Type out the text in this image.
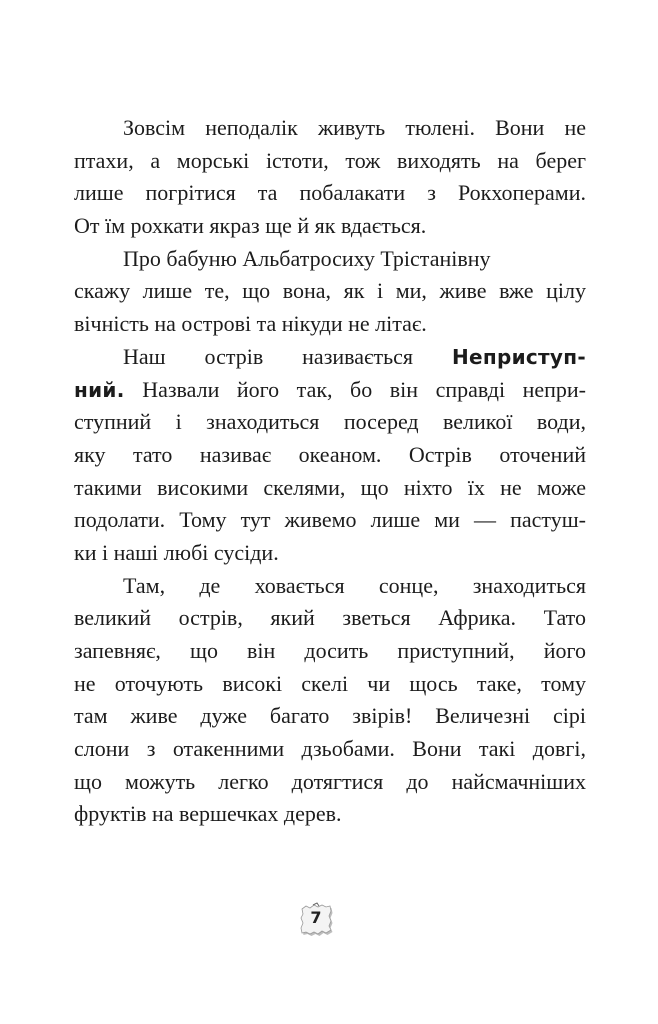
Зовсім неподалік живуть тюлені. Вони не
птахи, а морські істоти, тож виходять на берег
лише погрітися та побалакати з Рокхоперами.
От їм рохкати якраз ще й як вдається.
Про бабуню Альбатросиху Трістанівну
скажу лише те, що вона, як і ми, живе вже цілу
вічність на острові та нікуди не літає.
Наш острів називається Неприступ-
ний. Назвали його так, бо він справді непри-
ступний і знаходиться посеред великої води,
яку тато називає океаном. Острів оточений
такими високими скелями, що ніхто їх не може
подолати. Тому тут живемо лише ми — пастуш-
ки і наші любі сусіди.
Там, де ховається сонце, знаходиться
великий острів, який зветься Африка. Тато
запевняє, що він досить приступний, його
не оточують високі скелі чи щось таке, тому
там живе дуже багато звірів! Величезні сірі
слони з отакенними дзьобами. Вони такі довгі,
що можуть легко дотягтися до найсмачніших
фруктів на вершечках дерев.
7
